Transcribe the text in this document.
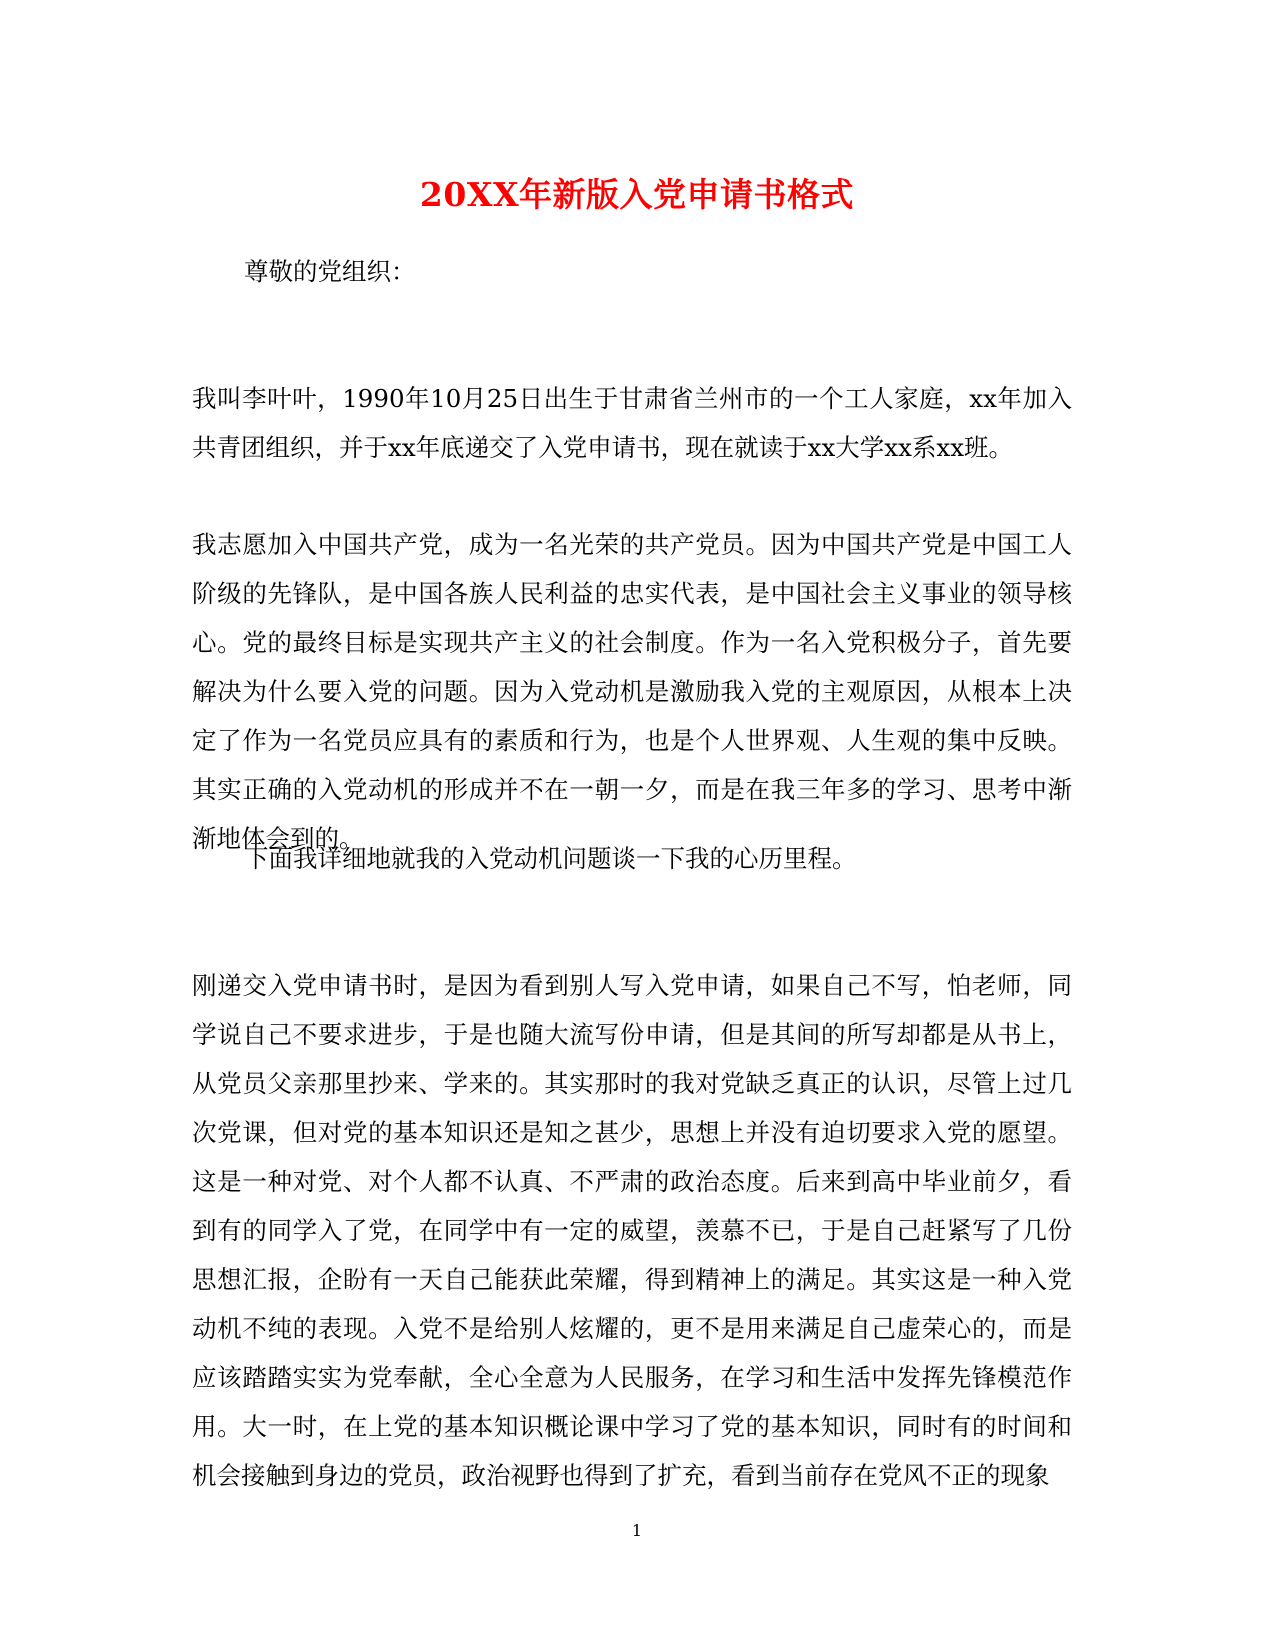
20XX年新版入党申请书格式

尊敬的党组织：

我叫李叶叶，1990年10月25日出生于甘肃省兰州市的一个工人家庭，xx年加入共青团组织，并于xx年底递交了入党申请书，现在就读于xx大学xx系xx班。

我志愿加入中国共产党，成为一名光荣的共产党员。因为中国共产党是中国工人阶级的先锋队，是中国各族人民利益的忠实代表，是中国社会主义事业的领导核心。党的最终目标是实现共产主义的社会制度。作为一名入党积极分子，首先要解决为什么要入党的问题。因为入党动机是激励我入党的主观原因，从根本上决定了作为一名党员应具有的素质和行为，也是个人世界观、人生观的集中反映。其实正确的入党动机的形成并不在一朝一夕，而是在我三年多的学习、思考中渐渐地体会到的。

下面我详细地就我的入党动机问题谈一下我的心历里程。

刚递交入党申请书时，是因为看到别人写入党申请，如果自己不写，怕老师，同学说自己不要求进步，于是也随大流写份申请，但是其间的所写却都是从书上，从党员父亲那里抄来、学来的。其实那时的我对党缺乏真正的认识，尽管上过几次党课，但对党的基本知识还是知之甚少，思想上并没有迫切要求入党的愿望。这是一种对党、对个人都不认真、不严肃的政治态度。后来到高中毕业前夕，看到有的同学入了党，在同学中有一定的威望，羡慕不已，于是自己赶紧写了几份思想汇报，企盼有一天自己能获此荣耀，得到精神上的满足。其实这是一种入党动机不纯的表现。入党不是给别人炫耀的，更不是用来满足自己虚荣心的，而是应该踏踏实实为党奉献，全心全意为人民服务，在学习和生活中发挥先锋模范作用。大一时，在上党的基本知识概论课中学习了党的基本知识，同时有的时间和机会接触到身边的党员，政治视野也得到了扩充，看到当前存在党风不正的现象

1
